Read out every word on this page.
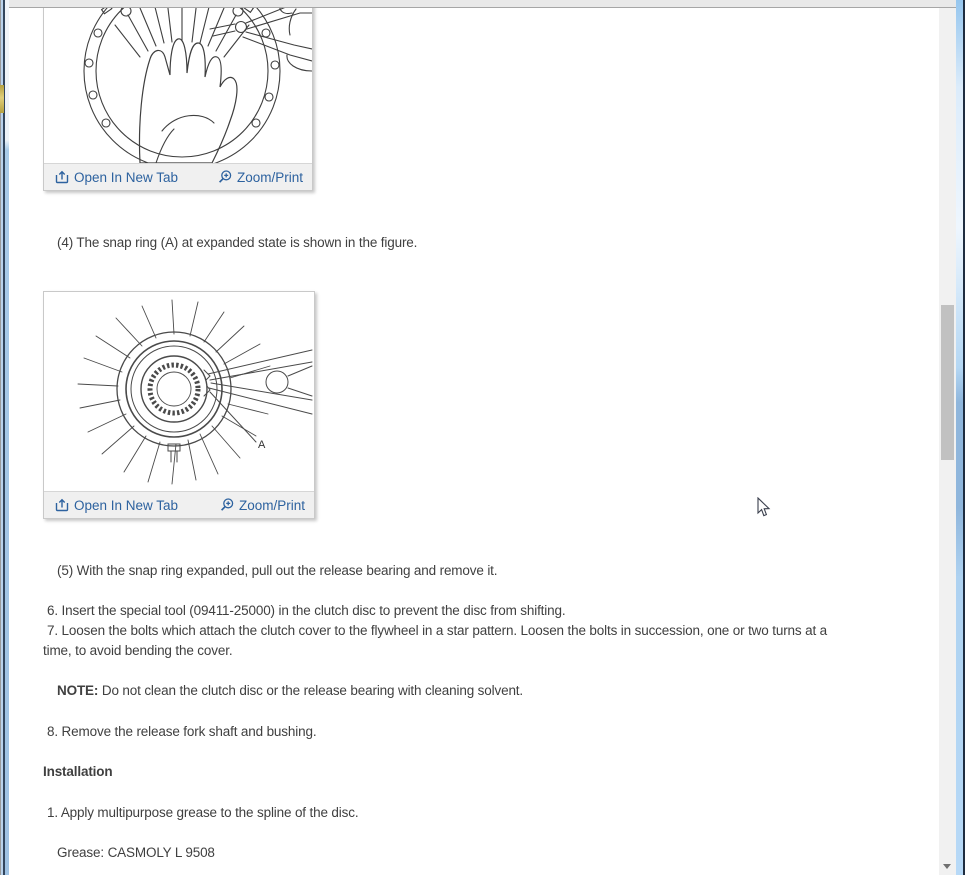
Open In New Tab	Zoom/Print
(4) The snap ring (A) at expanded state is shown in the figure.
A
Open In New Tab	Zoom/Print
(5) With the snap ring expanded, pull out the release bearing and remove it.
6. Insert the special tool (09411-25000) in the clutch disc to prevent the disc from shifting.
7. Loosen the bolts which attach the clutch cover to the flywheel in a star pattern. Loosen the bolts in succession, one or two turns at a
time, to avoid bending the cover.
NOTE: Do not clean the clutch disc or the release bearing with cleaning solvent.
8. Remove the release fork shaft and bushing.
Installation
1. Apply multipurpose grease to the spline of the disc.
Grease: CASMOLY L 9508
